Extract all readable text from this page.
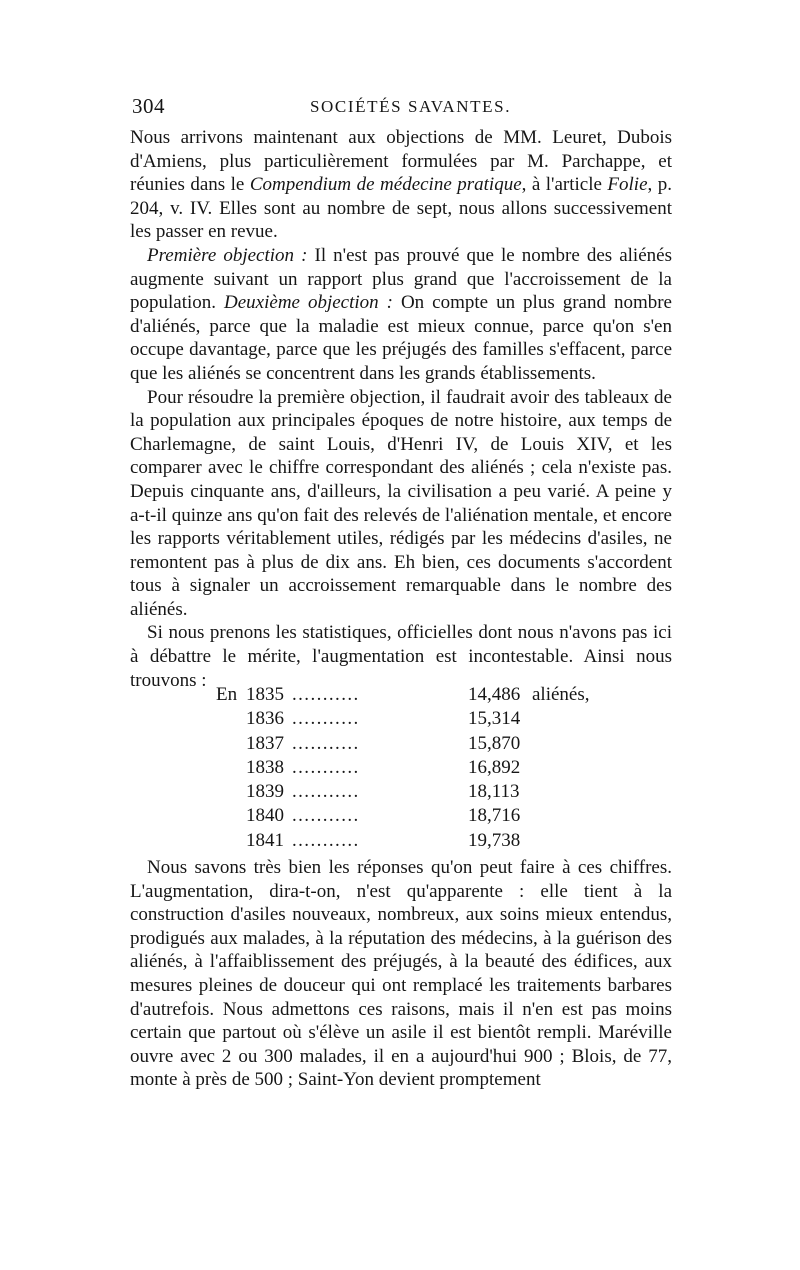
304	SOCIÉTÉS SAVANTES.

Nous arrivons maintenant aux objections de MM. Leuret, Dubois d'Amiens, plus particulièrement formulées par M. Parchappe, et réunies dans le Compendium de médecine pratique, à l'article Folie, p. 204, v. IV. Elles sont au nombre de sept, nous allons successivement les passer en revue.

Première objection : Il n'est pas prouvé que le nombre des aliénés augmente suivant un rapport plus grand que l'accroissement de la population. Deuxième objection : On compte un plus grand nombre d'aliénés, parce que la maladie est mieux connue, parce qu'on s'en occupe davantage, parce que les préjugés des familles s'effacent, parce que les aliénés se concentrent dans les grands établissements.

Pour résoudre la première objection, il faudrait avoir des tableaux de la population aux principales époques de notre histoire, aux temps de Charlemagne, de saint Louis, d'Henri IV, de Louis XIV, et les comparer avec le chiffre correspondant des aliénés ; cela n'existe pas. Depuis cinquante ans, d'ailleurs, la civilisation a peu varié. A peine y a-t-il quinze ans qu'on fait des relevés de l'aliénation mentale, et encore les rapports véritablement utiles, rédigés par les médecins d'asiles, ne remontent pas à plus de dix ans. Eh bien, ces documents s'accordent tous à signaler un accroissement remarquable dans le nombre des aliénés.

Si nous prenons les statistiques, officielles dont nous n'avons pas ici à débattre le mérite, l'augmentation est incontestable. Ainsi nous trouvons :

En 1835 ...........	14,486 aliénés,
1836 ...........	15,314
1837 ...........	15,870
1838 ...........	16,892
1839 ...........	18,113
1840 ...........	18,716
1841 ...........	19,738

Nous savons très bien les réponses qu'on peut faire à ces chiffres. L'augmentation, dira-t-on, n'est qu'apparente : elle tient à la construction d'asiles nouveaux, nombreux, aux soins mieux entendus, prodigués aux malades, à la réputation des médecins, à la guérison des aliénés, à l'affaiblissement des préjugés, à la beauté des édifices, aux mesures pleines de douceur qui ont remplacé les traitements barbares d'autrefois. Nous admettons ces raisons, mais il n'en est pas moins certain que partout où s'élève un asile il est bientôt rempli. Maréville ouvre avec 2 ou 300 malades, il en a aujourd'hui 900 ; Blois, de 77, monte à près de 500 ; Saint-Yon devient promptement
